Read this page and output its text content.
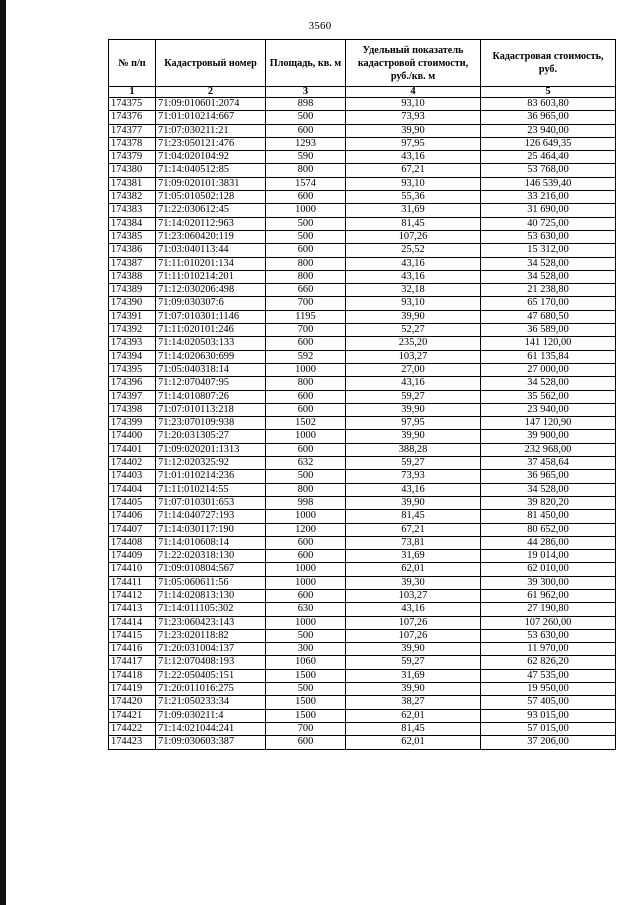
3560
№ п/п	Кадастровый номер	Площадь, кв. м	Удельный показатель кадастровой стоимости, руб./кв. м	Кадастровая стоимость, руб.
1	2	3	4	5
174375	71:09:010601:2074	898	93,10	83 603,80
174376	71:01:010214:667	500	73,93	36 965,00
174377	71:07:030211:21	600	39,90	23 940,00
174378	71:23:050121:476	1293	97,95	126 649,35
174379	71:04:020104:92	590	43,16	25 464,40
174380	71:14:040512:85	800	67,21	53 768,00
174381	71:09:020101:3831	1574	93,10	146 539,40
174382	71:05:010502:128	600	55,36	33 216,00
174383	71:22:030612:45	1000	31,69	31 690,00
174384	71:14:020112:963	500	81,45	40 725,00
174385	71:23:060420:119	500	107,26	53 630,00
174386	71:03:040113:44	600	25,52	15 312,00
174387	71:11:010201:134	800	43,16	34 528,00
174388	71:11:010214:201	800	43,16	34 528,00
174389	71:12:030206:498	660	32,18	21 238,80
174390	71:09:030307:6	700	93,10	65 170,00
174391	71:07:010301:1146	1195	39,90	47 680,50
174392	71:11:020101:246	700	52,27	36 589,00
174393	71:14:020503:133	600	235,20	141 120,00
174394	71:14:020630:699	592	103,27	61 135,84
174395	71:05:040318:14	1000	27,00	27 000,00
174396	71:12:070407:95	800	43,16	34 528,00
174397	71:14:010807:26	600	59,27	35 562,00
174398	71:07:010113:218	600	39,90	23 940,00
174399	71:23:070109:938	1502	97,95	147 120,90
174400	71:20:031305:27	1000	39,90	39 900,00
174401	71:09:020201:1313	600	388,28	232 968,00
174402	71:12:020325:92	632	59,27	37 458,64
174403	71:01:010214:236	500	73,93	36 965,00
174404	71:11:010214:55	800	43,16	34 528,00
174405	71:07:010301:653	998	39,90	39 820,20
174406	71:14:040727:193	1000	81,45	81 450,00
174407	71:14:030117:190	1200	67,21	80 652,00
174408	71:14:010608:14	600	73,81	44 286,00
174409	71:22:020318:130	600	31,69	19 014,00
174410	71:09:010804:567	1000	62,01	62 010,00
174411	71:05:060611:56	1000	39,30	39 300,00
174412	71:14:020813:130	600	103,27	61 962,00
174413	71:14:011105:302	630	43,16	27 190,80
174414	71:23:060423:143	1000	107,26	107 260,00
174415	71:23:020118:82	500	107,26	53 630,00
174416	71:20:031004:137	300	39,90	11 970,00
174417	71:12:070408:193	1060	59,27	62 826,20
174418	71:22:050405:151	1500	31,69	47 535,00
174419	71:20:011016:275	500	39,90	19 950,00
174420	71:21:050233:34	1500	38,27	57 405,00
174421	71:09:030211:4	1500	62,01	93 015,00
174422	71:14:021044:241	700	81,45	57 015,00
174423	71:09:030603:387	600	62,01	37 206,00
